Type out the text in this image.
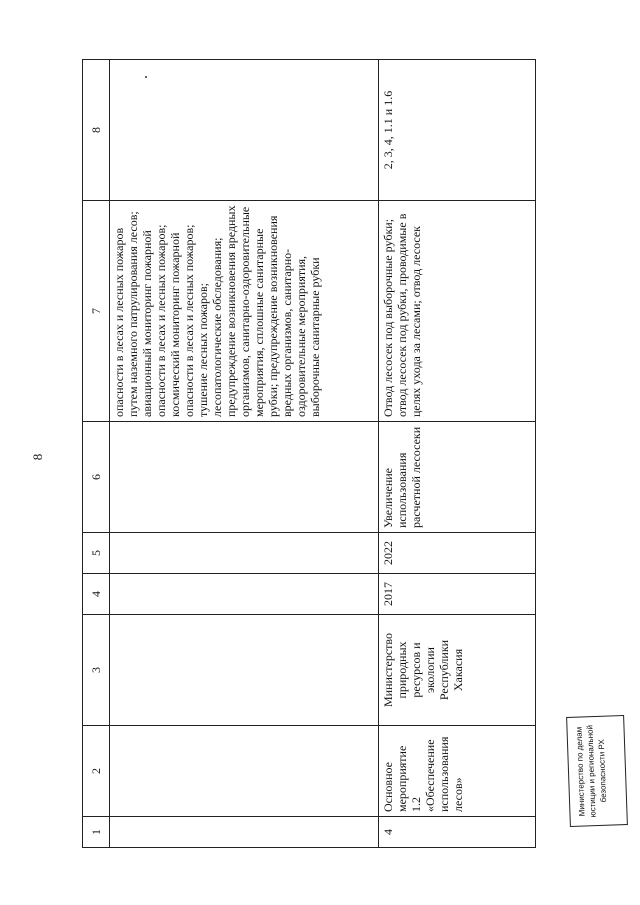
8
1	2	3	4	5	6	7	8
						опасности в лесах и лесных пожаров путем наземного патрулирования лесов; авиационный мониторинг пожарной опасности в лесах и лесных пожаров; космический мониторинг пожарной опасности в лесах и лесных пожаров; тушение лесных пожаров; лесопатологические обследования; предупреждение возникновения вредных организмов, санитарно-оздоровительные мероприятия, сплошные санитарные рубки; предупреждение возникновения вредных организмов, санитарно-оздоровительные мероприятия, выборочные санитарные рубки	
4	Основное мероприятие 1.2 «Обеспечение использования лесов»	Министерство природных ресурсов и экологии Республики Хакасия	2017	2022	Увеличение использования расчетной лесосеки	Отвод лесосек под выборочные рубки; отвод лесосек под рубки, проводимые в целях ухода за лесами; отвод лесосек	2, 3, 4, 1.1 и 1.6
Министерство по делам
юстиции и региональной безопасности РХ
